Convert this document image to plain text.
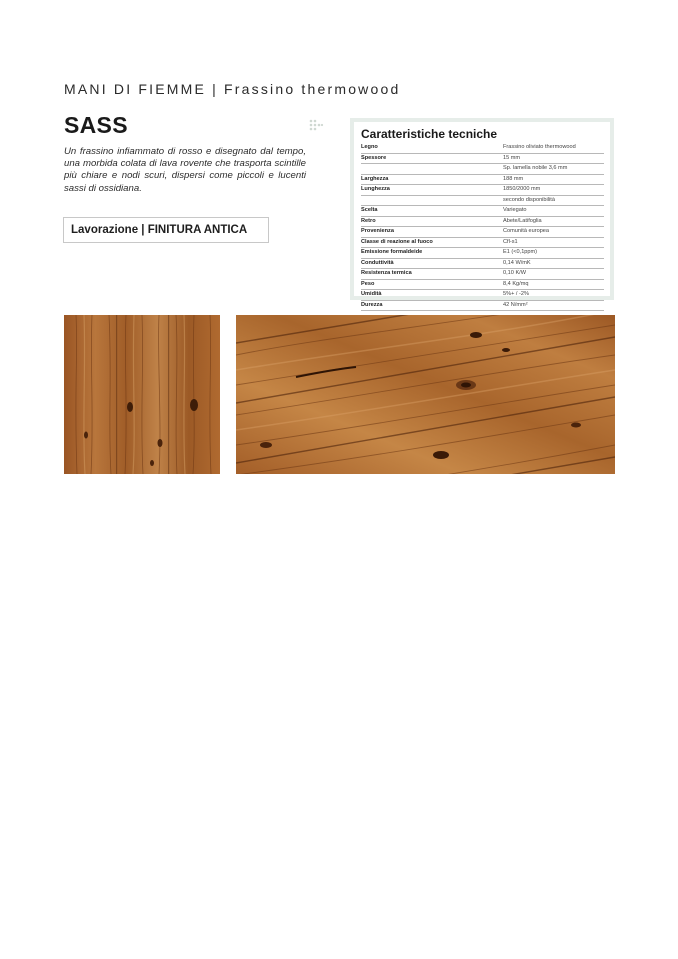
MANI DI FIEMME | Frassino thermowood
SASS
Un frassino infiammato di rosso e disegnato dal tempo, una morbida colata di lava rovente che trasporta scintille più chiare e nodi scuri, dispersi come piccoli e lucenti sassi di ossidiana.
Lavorazione | FINITURA ANTICA
Caratteristiche tecniche
Legno	Frassino oliviato thermowood
Spessore	15 mm
Sp. lamella nobile 3,6 mm
Larghezza	188 mm
Lunghezza	1850/2000 mm
secondo disponibilità
Scelta	Variegato
Retro	Abete/Latifoglia
Provenienza	Comunità europea
Classe di reazione al fuoco	Cfl-s1
Emissione formaldeide	E1 (<0,1ppm)
Conduttività	0,14 W/mK
Resistenza termica	0,10 K/W
Peso	8,4 Kg/mq
Umidità	5%+ / -2%
Durezza	42 N/mm²
